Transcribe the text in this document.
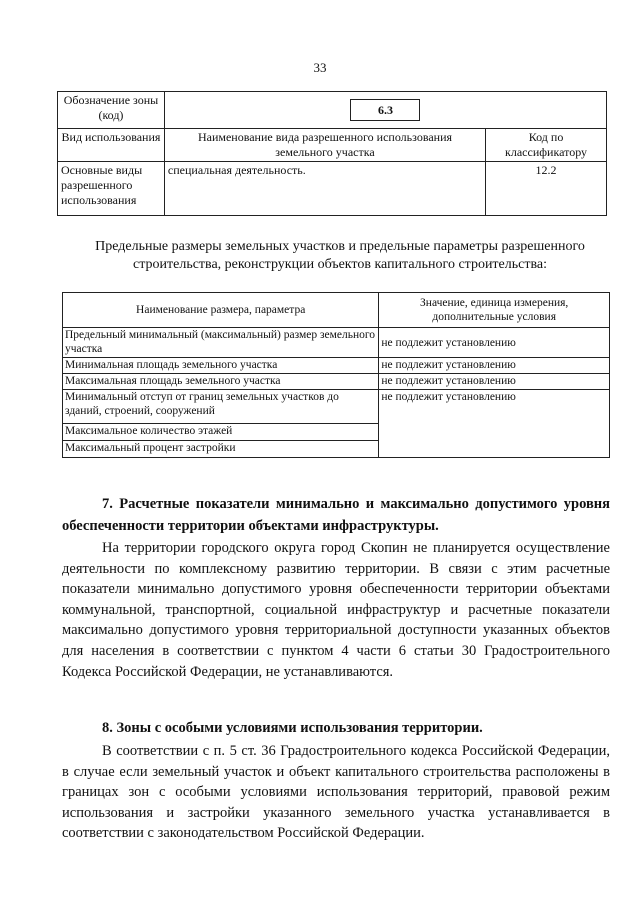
33
Обозначение зоны (код)	6.3	
Вид использования	Наименование вида разрешенного использования земельного участка	Код по классификатору
Основные виды разрешенного использования	специальная деятельность.	12.2
Предельные размеры земельных участков и предельные параметры разрешенного строительства, реконструкции объектов капитального строительства:
Наименование размера, параметра	Значение, единица измерения, дополнительные условия
Предельный минимальный (максимальный) размер земельного участка	не подлежит установлению
Минимальная площадь земельного участка	не подлежит установлению
Максимальная площадь земельного участка	не подлежит установлению
Минимальный отступ от границ земельных участков до зданий, строений, сооружений	не подлежит установлению
Максимальное количество этажей	
Максимальный процент застройки	
7. Расчетные показатели минимально и максимально допустимого уровня обеспеченности территории объектами инфраструктуры.
На территории городского округа город Скопин не планируется осуществление деятельности по комплексному развитию территории. В связи с этим расчетные показатели минимально допустимого уровня обеспеченности территории объектами коммунальной, транспортной, социальной инфраструктур и расчетные показатели максимально допустимого уровня территориальной доступности указанных объектов для населения в соответствии с пунктом 4 части 6 статьи 30 Градостроительного Кодекса Российской Федерации, не устанавливаются.
8. Зоны с особыми условиями использования территории.
В соответствии с п. 5 ст. 36 Градостроительного кодекса Российской Федерации, в случае если земельный участок и объект капитального строительства расположены в границах зон с особыми условиями использования территорий, правовой режим использования и застройки указанного земельного участка устанавливается в соответствии с законодательством Российской Федерации.
